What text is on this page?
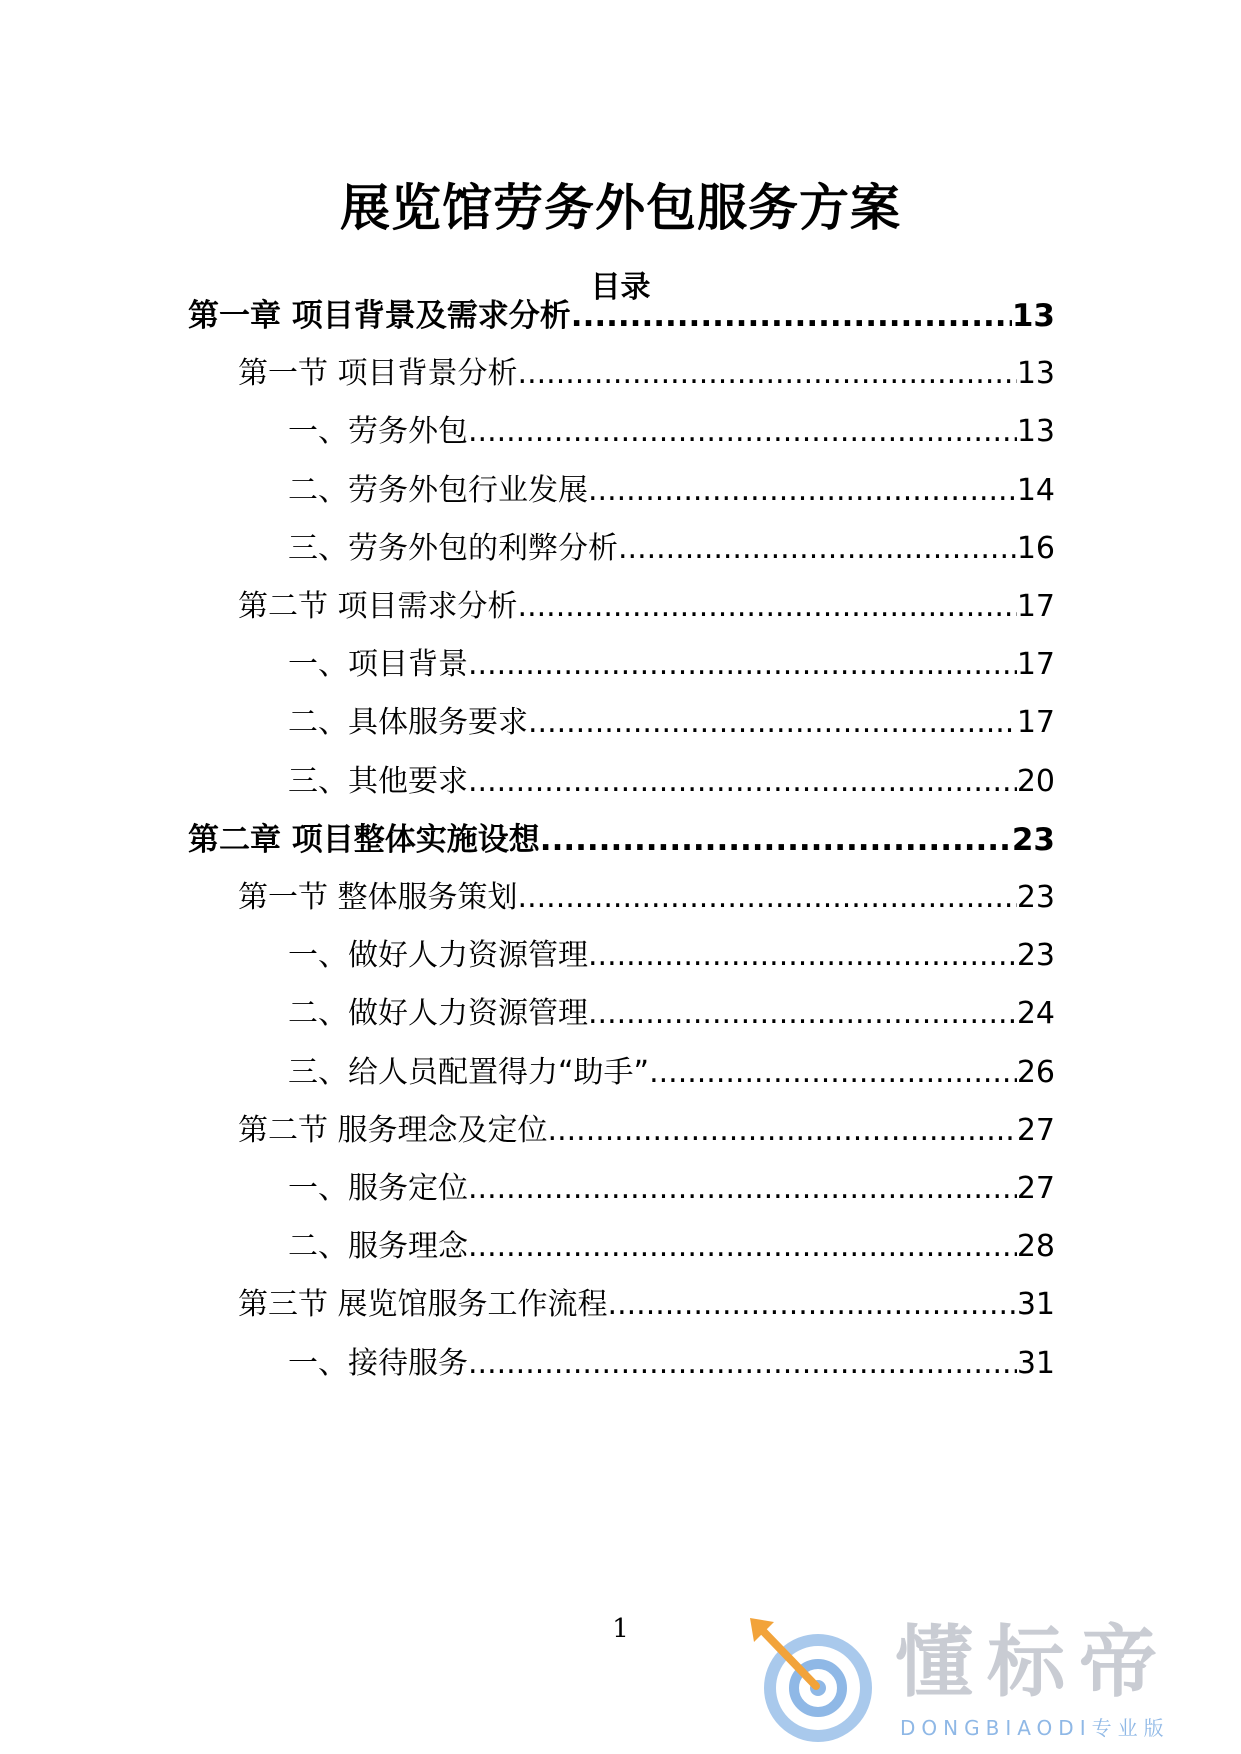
展览馆劳务外包服务方案
目录
第一章 项目背景及需求分析 .....	13
第一节 项目背景分析 .....	13
一、劳务外包 .....	13
二、劳务外包行业发展 .....	14
三、劳务外包的利弊分析 .....	16
第二节 项目需求分析 .....	17
一、项目背景 .....	17
二、具体服务要求 .....	17
三、其他要求 .....	20
第二章 项目整体实施设想 .....	23
第一节 整体服务策划 .....	23
一、做好人力资源管理 .....	23
二、做好人力资源管理 .....	24
三、给人员配置得力“助手” .....	26
第二节 服务理念及定位 .....	27
一、服务定位 .....	27
二、服务理念 .....	28
第三节 展览馆服务工作流程 .....	31
一、接待服务 .....	31
1	懂标帝
DONGBIAODI专业版
